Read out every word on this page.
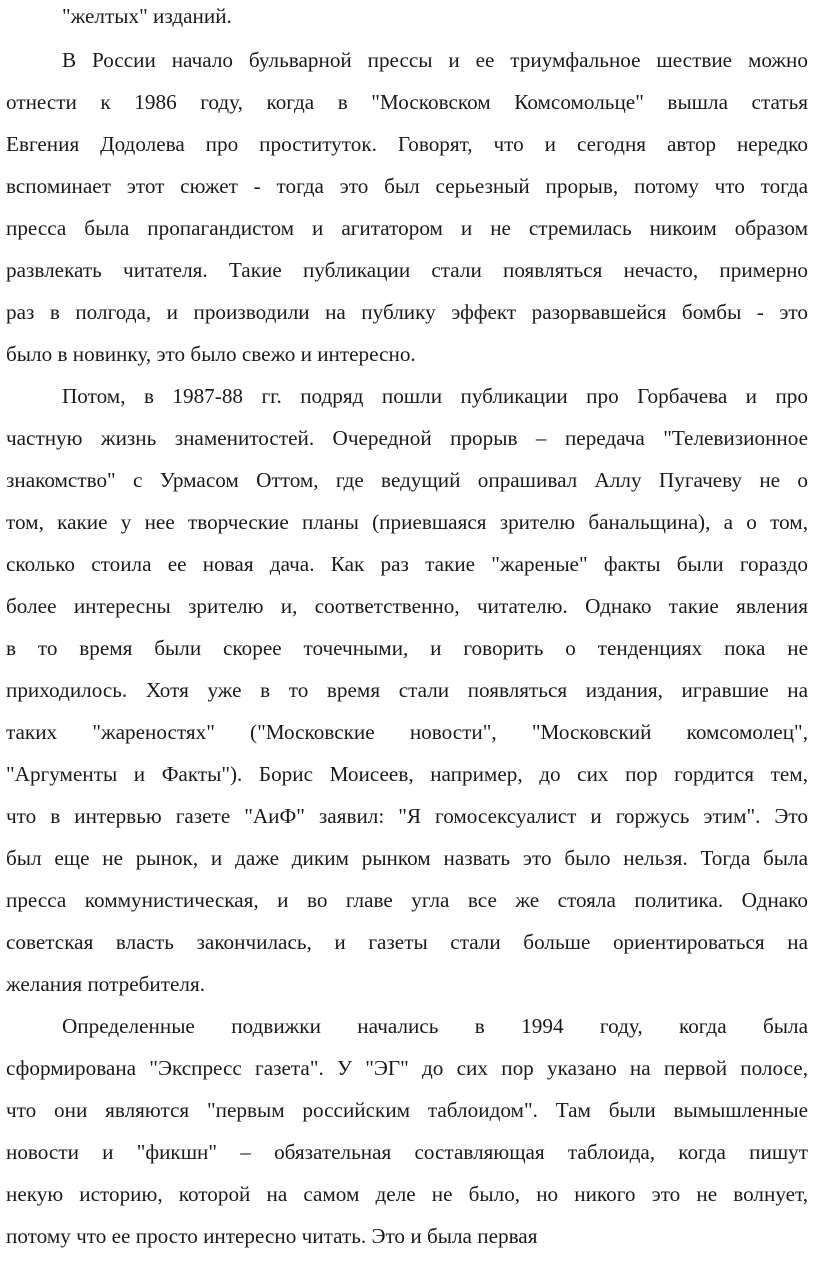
"желтых" изданий.
В России начало бульварной прессы и ее триумфальное шествие можно
отнести к 1986 году, когда в "Московском Комсомольце" вышла статья
Евгения Додолева про проституток. Говорят, что и сегодня автор нередко
вспоминает этот сюжет - тогда это был серьезный прорыв, потому что тогда
пресса была пропагандистом и агитатором и не стремилась никоим образом
развлекать читателя. Такие публикации стали появляться нечасто, примерно
раз в полгода, и производили на публику эффект разорвавшейся бомбы - это
было в новинку, это было свежо и интересно.
Потом, в 1987-88 гг. подряд пошли публикации про Горбачева и про
частную жизнь знаменитостей. Очередной прорыв – передача "Телевизионное
знакомство" с Урмасом Оттом, где ведущий опрашивал Аллу Пугачеву не о
том, какие у нее творческие планы (приевшаяся зрителю банальщина), а о том,
сколько стоила ее новая дача. Как раз такие "жареные" факты были гораздо
более интересны зрителю и, соответственно, читателю. Однако такие явления
в то время были скорее точечными, и говорить о тенденциях пока не
приходилось. Хотя уже в то время стали появляться издания, игравшие на
таких "жареностях" ("Московские новости", "Московский комсомолец",
"Аргументы и Факты"). Борис Моисеев, например, до сих пор гордится тем,
что в интервью газете "АиФ" заявил: "Я гомосексуалист и горжусь этим". Это
был еще не рынок, и даже диким рынком назвать это было нельзя. Тогда была
пресса коммунистическая, и во главе угла все же стояла политика. Однако
советская власть закончилась, и газеты стали больше ориентироваться на
желания потребителя.
Определенные подвижки начались в 1994 году, когда была
сформирована "Экспресс газета". У "ЭГ" до сих пор указано на первой полосе,
что они являются "первым российским таблоидом". Там были вымышленные
новости и "фикшн" – обязательная составляющая таблоида, когда пишут
некую историю, которой на самом деле не было, но никого это не волнует,
потому что ее просто интересно читать. Это и была первая
